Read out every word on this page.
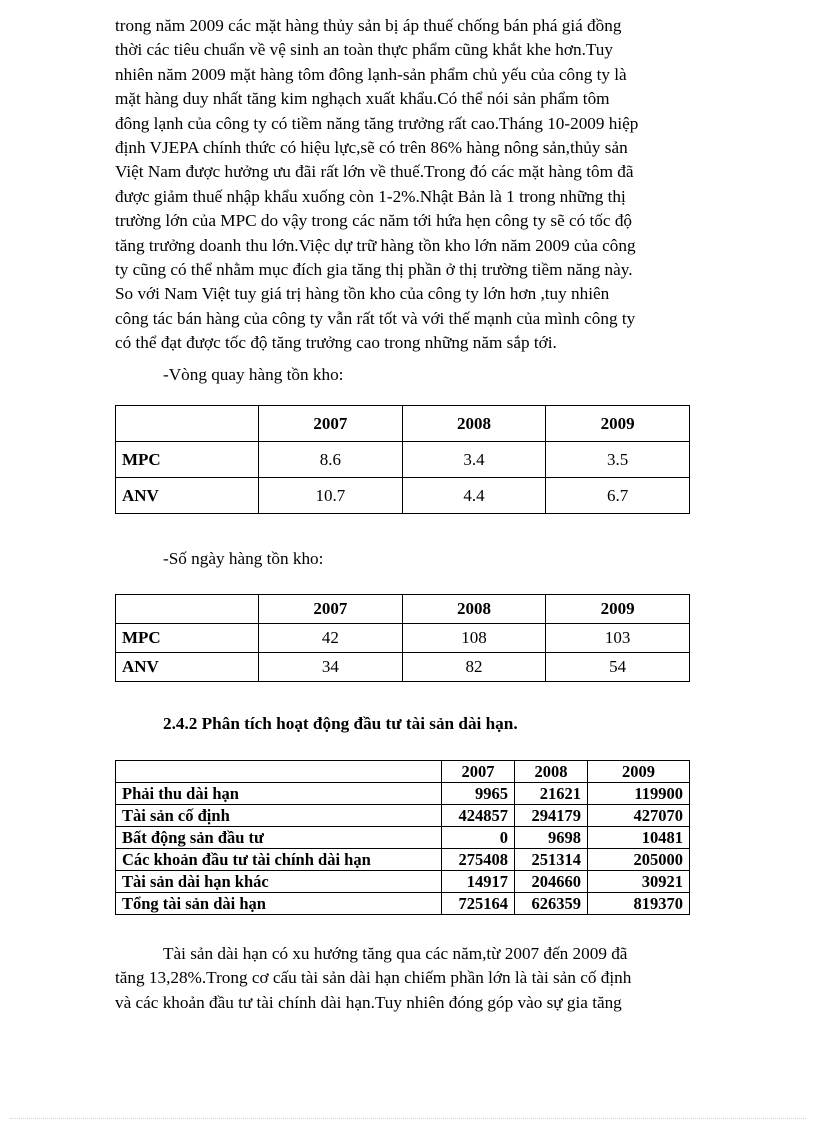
trong năm 2009 các mặt hàng thủy sản bị áp thuế chống bán phá giá đồng
thời các tiêu chuẩn về vệ sinh an toàn thực phẩm cũng khắt khe hơn.Tuy
nhiên năm 2009 mặt hàng tôm đông lạnh-sản phẩm chủ yếu của công ty là
mặt hàng duy nhất tăng kim nghạch xuất khẩu.Có thể nói sản phẩm tôm
đông lạnh của công ty có tiềm năng tăng trưởng rất cao.Tháng 10-2009 hiệp
định VJEPA chính thức có hiệu lực,sẽ có trên 86% hàng nông sản,thủy sản
Việt Nam được hưởng ưu đãi rất lớn về thuế.Trong đó các mặt hàng tôm đã
được giảm thuế nhập khẩu xuống còn 1-2%.Nhật Bản là 1 trong những thị
trường lớn của MPC do vậy trong các năm tới hứa hẹn công ty sẽ có tốc độ
tăng trưởng doanh thu lớn.Việc dự trữ hàng tồn kho lớn năm 2009 của công
ty cũng có thể nhằm mục đích gia tăng thị phần ở thị trường tiềm năng này.
So với Nam Việt tuy giá trị hàng tồn kho của công ty lớn hơn ,tuy nhiên
công tác bán hàng của công ty vẫn rất tốt và với thế mạnh của mình công ty
có thể đạt được tốc độ tăng trưởng cao trong những năm sắp tới.

-Vòng quay hàng tồn kho:

	2007	2008	2009
MPC	8.6	3.4	3.5
ANV	10.7	4.4	6.7

-Số ngày hàng tồn kho:

	2007	2008	2009
MPC	42	108	103
ANV	34	82	54

2.4.2 Phân tích hoạt động đầu tư tài sản dài hạn.

	2007	2008	2009
Phải thu dài hạn	9965	21621	119900
Tài sản cố định	424857	294179	427070
Bất động sản đầu tư	0	9698	10481
Các khoản đầu tư tài chính dài hạn	275408	251314	205000
Tài sản dài hạn khác	14917	204660	30921
Tổng tài sản dài hạn	725164	626359	819370
Tài sản dài hạn có xu hướng tăng qua các năm,từ 2007 đến 2009 đã
tăng 13,28%.Trong cơ cấu tài sản dài hạn chiếm phần lớn là tài sản cố định
và các khoản đầu tư tài chính dài hạn.Tuy nhiên đóng góp vào sự gia tăng
